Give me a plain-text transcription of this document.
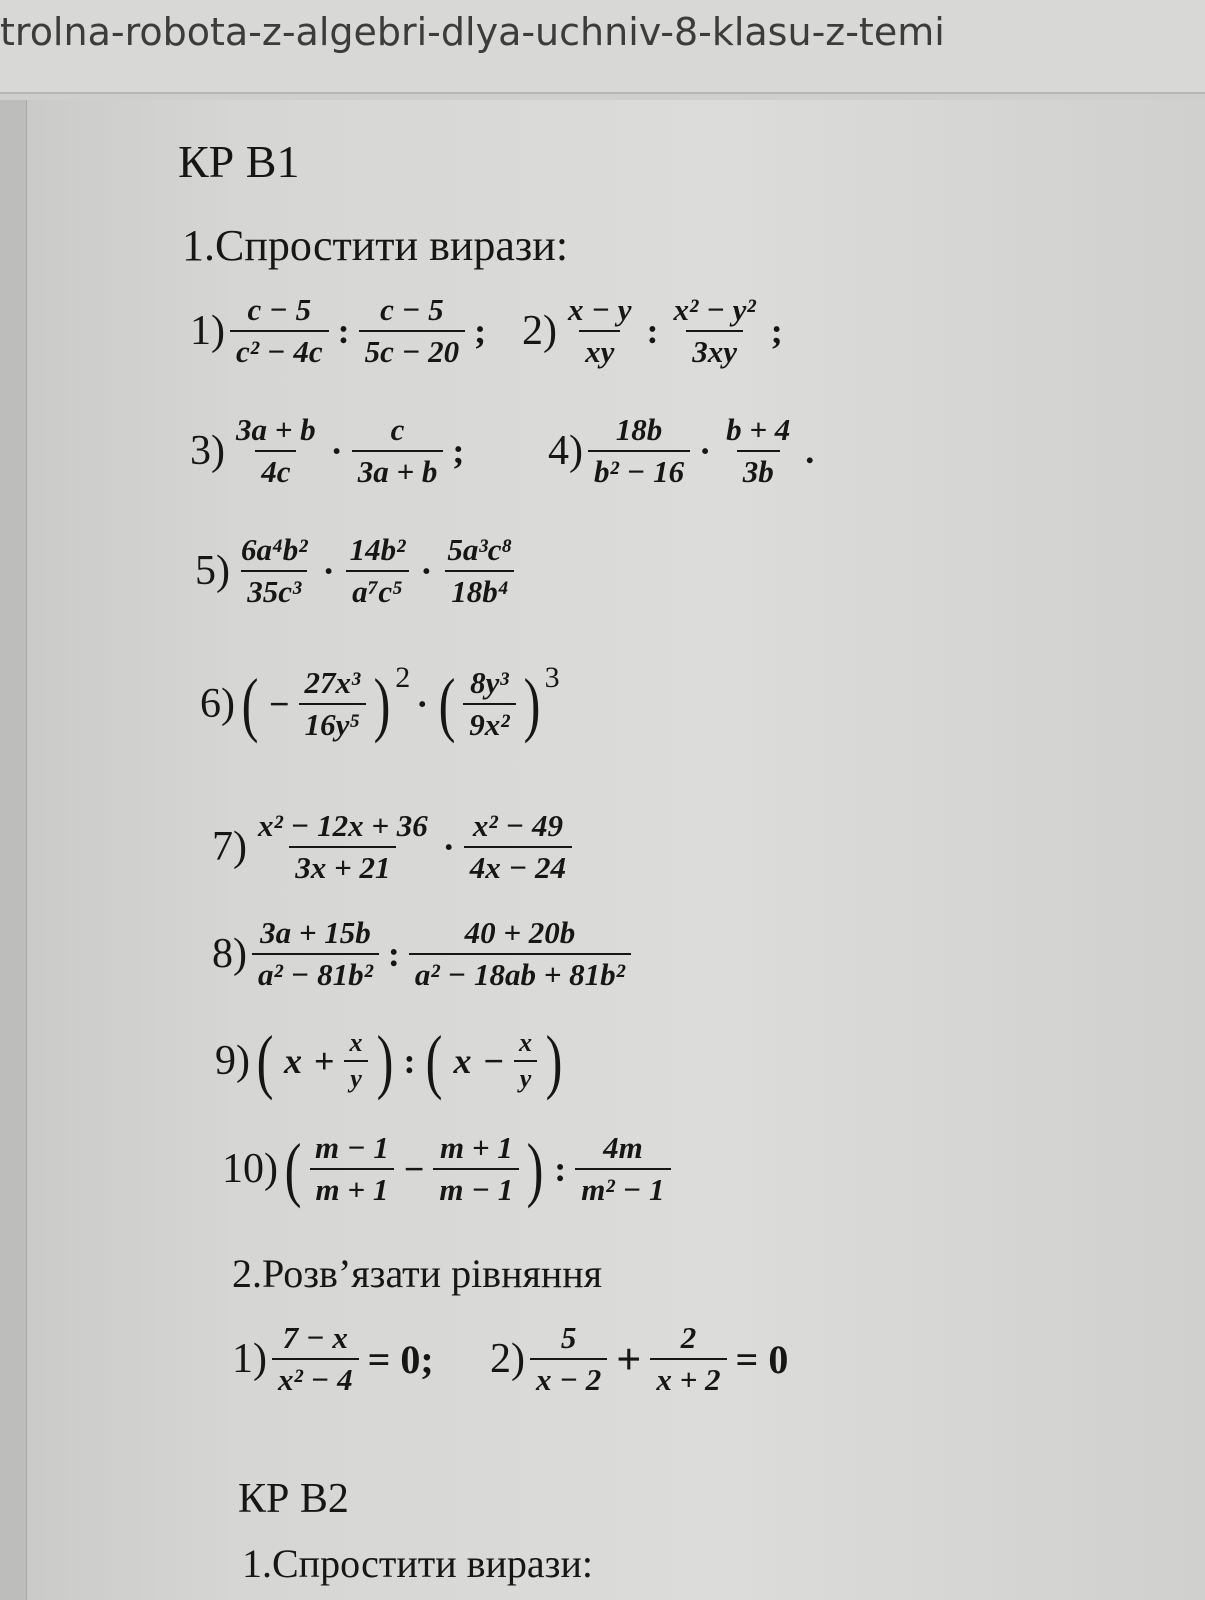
trolna-robota-z-algebri-dlya-uchniv-8-klasu-z-temi
КР В1
1.Спростити вирази:
$1) \frac{c - 5}{\text{c² − 4c}}$ : $\frac{c - 5}{5c - 20}$ ; $2) \frac{x - y}{xy}$ : $\frac{\text{x² − y²}}{3xy}$ ;
$3) \frac{3a + b}{4c} \cdot \frac{c}{3a + b}$ ; $4) \frac{18b}{\text{b² − 16}} \cdot \frac{b + 4}{3b}$ .
$5) \frac{\text{6a⁴b²}}{\text{35c³}} \cdot \frac{\text{14b²}}{\text{a⁷c⁵}} \cdot \frac{\text{5a³c⁸}}{\text{18b⁴}}$
6) ( − $\frac{\text{27x³}}{\text{16y⁵}}$ ) 2
· ( $\frac{\text{8y³}}{\text{9x²}}$ ) 3
$7) \frac{\text{x² − 12x + 36}}{3x + 21} \cdot \frac{\text{x² − 49}}{4x - 24}$
$8) \frac{3a + 15b}{\text{a² − 81b²}}$ : $\frac{40 + 20b}{\text{a² − 18ab + 81b²}}$
9) ( $x + \frac{x}{y}$ ) : ( $x - \frac{x}{y}$ )
10) ( $\frac{m - 1}{m + 1} - \frac{m + 1}{m - 1}$ ) : $\frac{4m}{\text{m² − 1}}$
2.Розв’язати рівняння
$1) \frac{7 - x}{\text{x² − 4}} = 0$; $2) \frac{5}{x - 2} + \frac{2}{x + 2} = 0$
КР В2
1.Спростити вирази:
